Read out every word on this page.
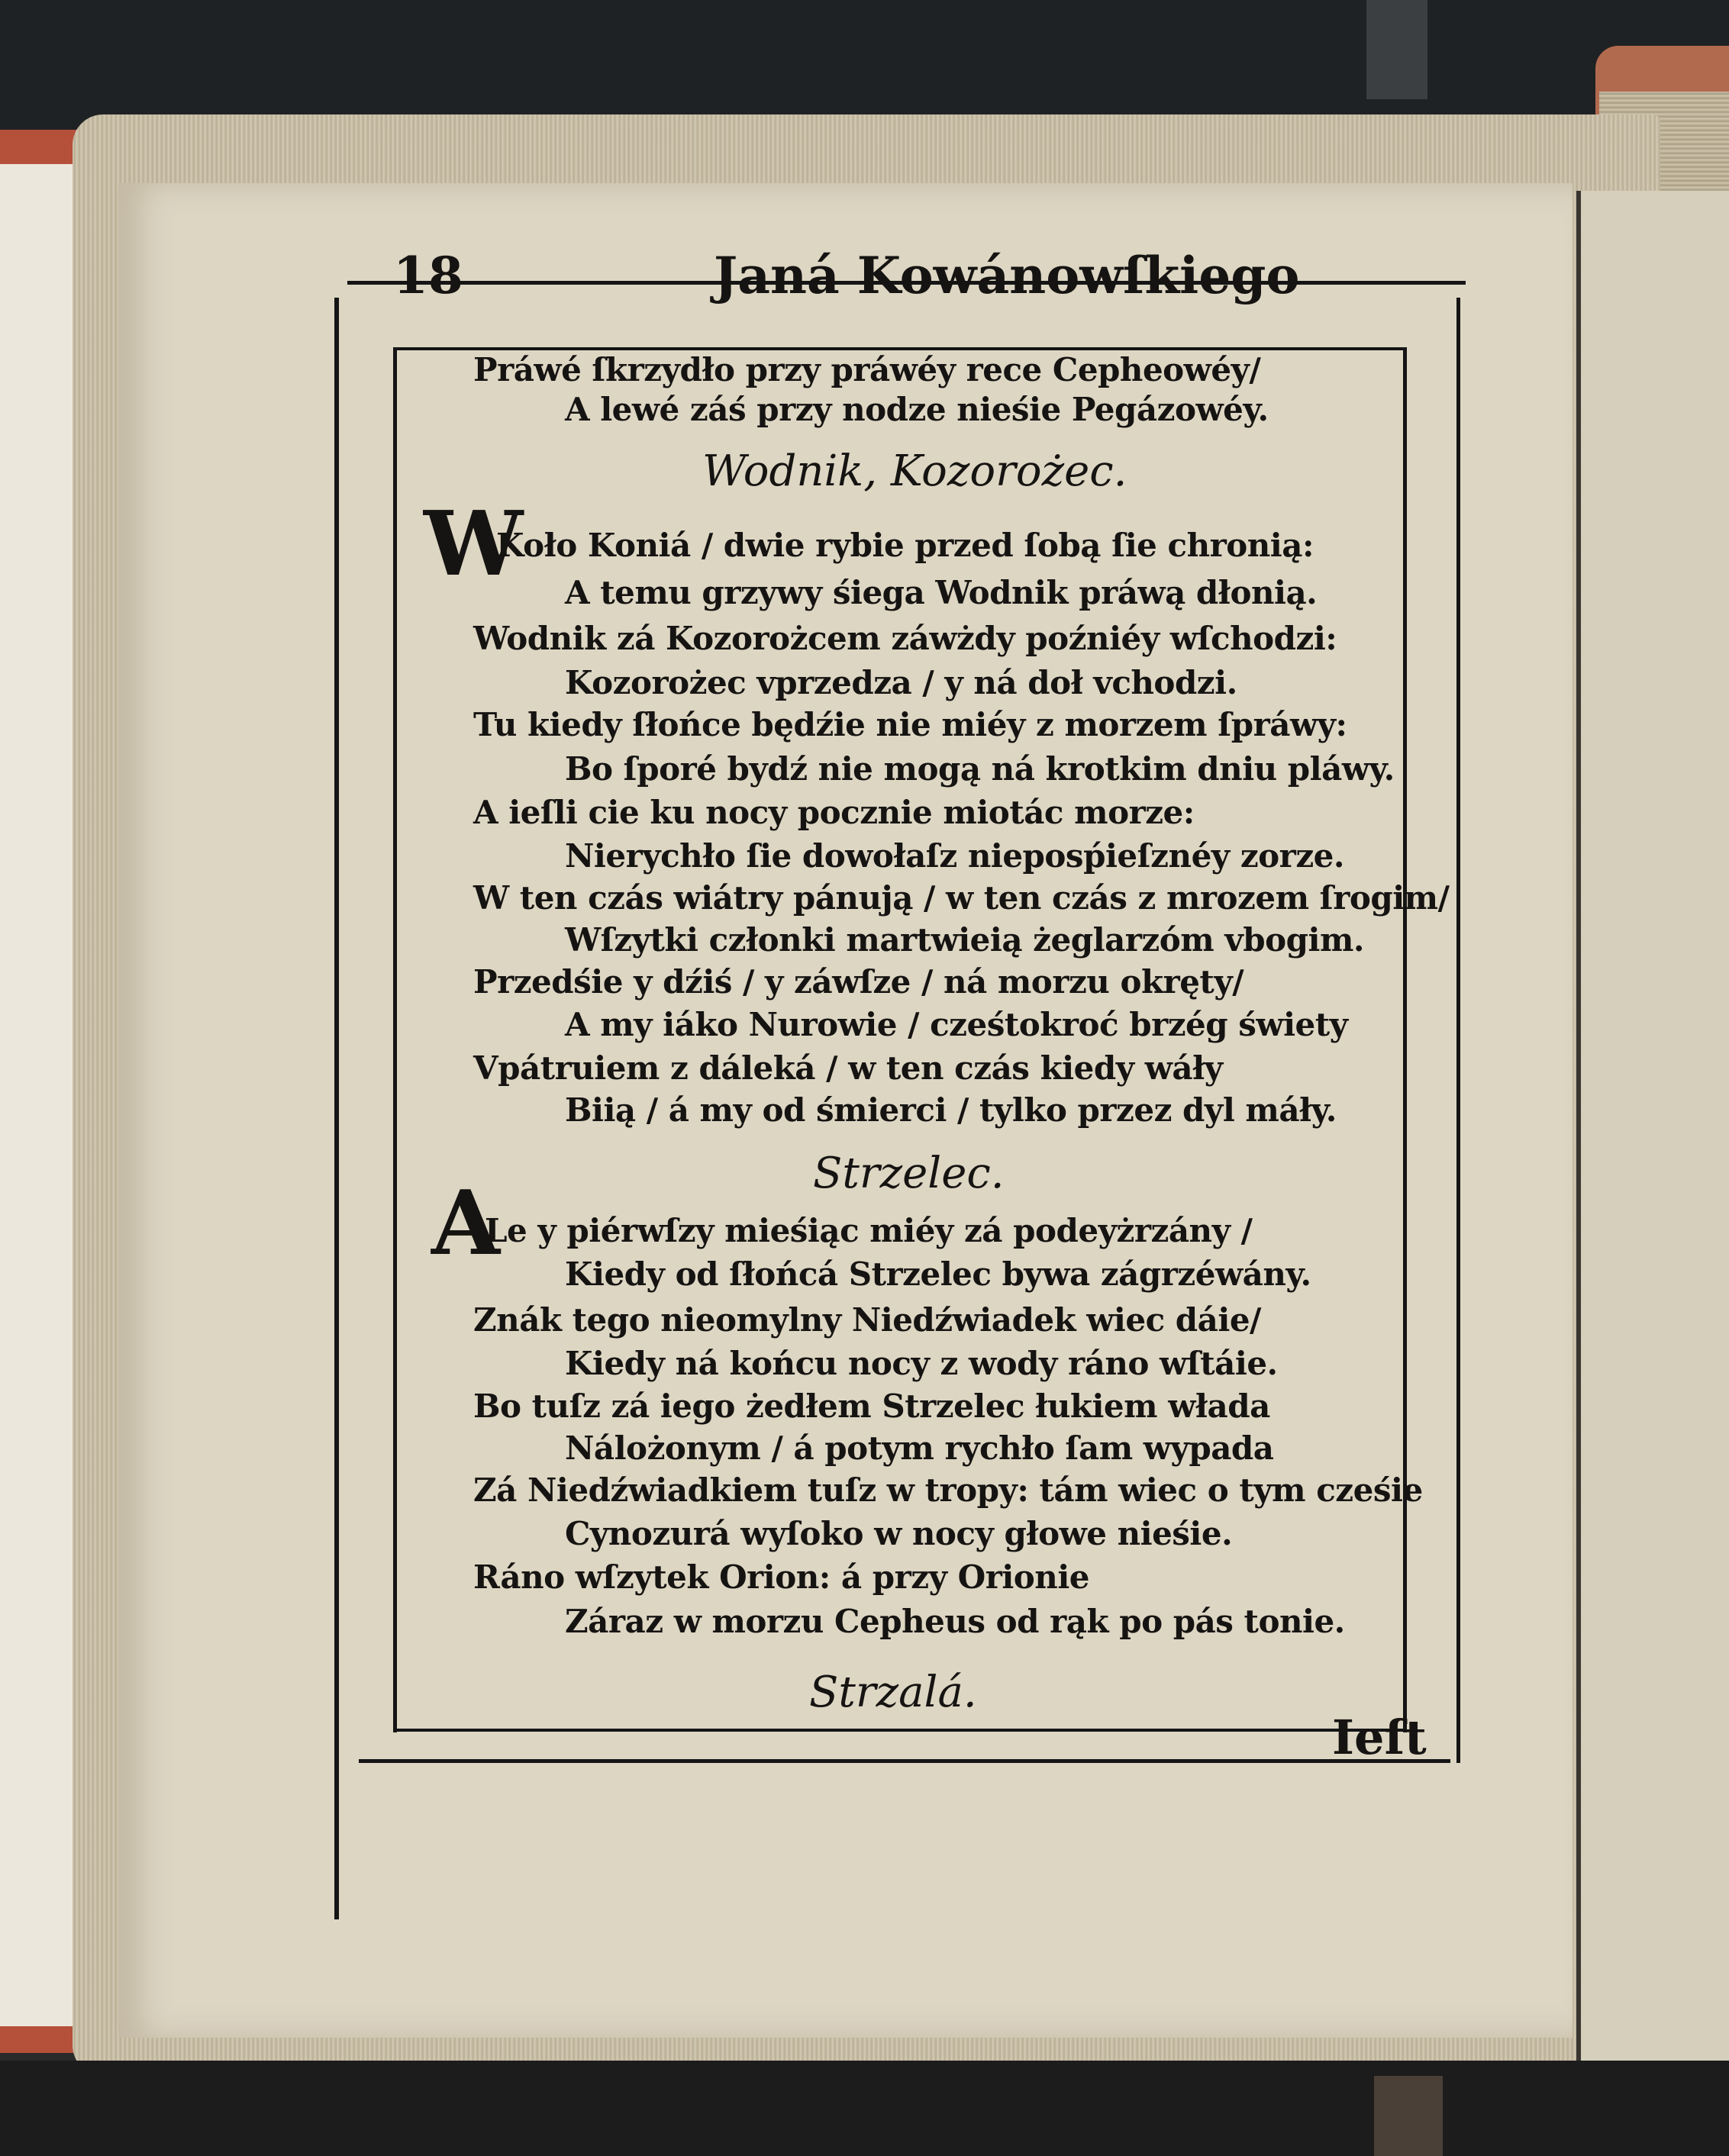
18	Janá Kowánowſkiego
Práwé ſkrzydło przy práwéy rece Cepheowéy/
A lewé záś przy nodze nieśie Pegázowéy.
Wodnik, Kozorożec.
W
Koło Koniá / dwie rybie przed ſobą ſie chronią:
A temu grzywy śiega Wodnik práwą dłonią.
Wodnik zá Kozorożcem záwżdy poźniéy wſchodzi:
Kozorożec vprzedza / y ná doł vchodzi.
Tu kiedy ſłońce będźie nie miéy z morzem ſpráwy:
Bo ſporé bydź nie mogą ná krotkim dniu pláwy.
A ieſli cie ku nocy pocznie miotác morze:
Nierychło ſie dowołaſz nieposṕieſznéy zorze.
W ten czás wiátry pánują / w ten czás z mrozem ſrogim/
Wſzytki członki martwieią żeglarzóm vbogim.
Przedśie y dźiś / y záwſze / ná morzu okręty/
A my iáko Nurowie / cześtokroć brzég świety
Vpátruiem z dáleká / w ten czás kiedy wáły
Biią / á my od śmierci / tylko przez dyl máły.
Strzelec.
A
Le y piérwſzy mieśiąc miéy zá podeyżrzány /
Kiedy od ſłońcá Strzelec bywa zágrzéwány.
Znák tego nieomylny Niedźwiadek wiec dáie/
Kiedy ná końcu nocy z wody ráno wſtáie.
Bo tuſz zá iego żedłem Strzelec łukiem włada
Nálożonym / á potym rychło ſam wypada
Zá Niedźwiadkiem tuſz w tropy: tám wiec o tym cześie
Cynozurá wyſoko w nocy głowe nieśie.
Ráno wſzytek Orion: á przy Orionie
Záraz w morzu Cepheus od rąk po pás tonie.
Strzalá.
Ieſt
